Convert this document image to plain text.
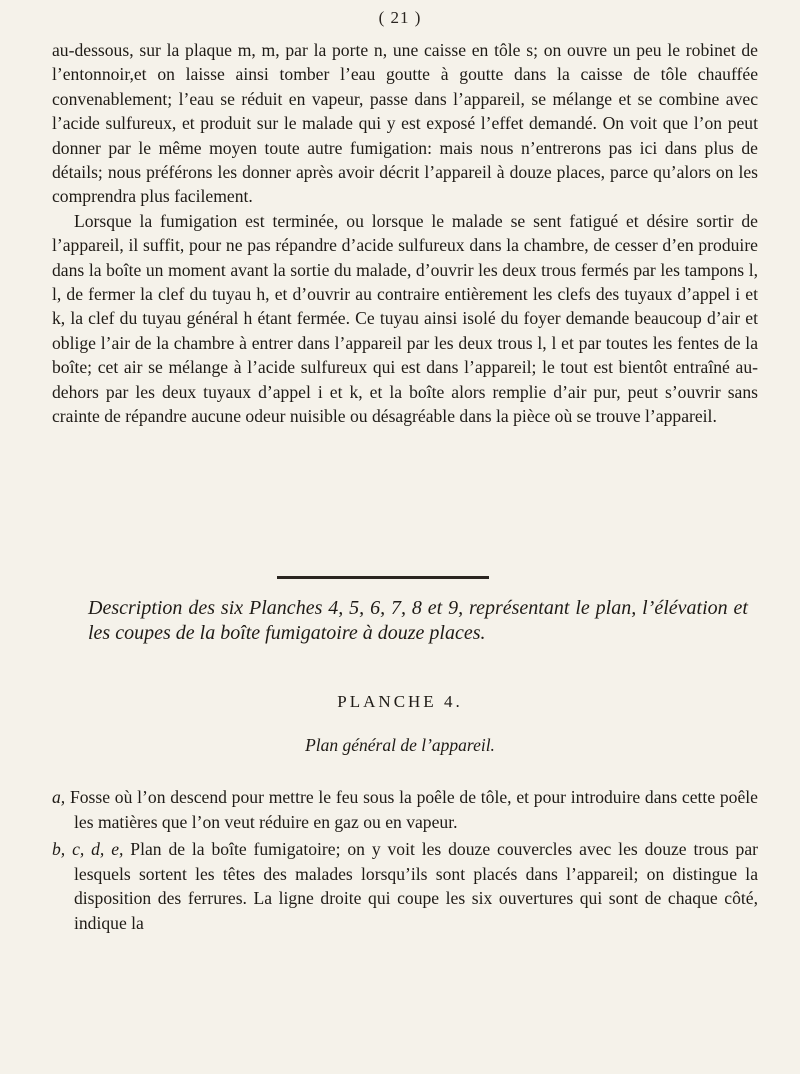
( 21 )

au-dessous, sur la plaque m, m, par la porte n, une caisse en tôle s; on ouvre un peu le robinet de l’entonnoir,et on laisse ainsi tomber l’eau goutte à goutte dans la caisse de tôle chauffée convenablement; l’eau se réduit en vapeur, passe dans l’appareil, se mélange et se combine avec l’acide sulfureux, et produit sur le malade qui y est exposé l’effet demandé. On voit que l’on peut donner par le même moyen toute autre fumigation: mais nous n’entrerons pas ici dans plus de détails; nous préférons les donner après avoir décrit l’appareil à douze places, parce qu’alors on les comprendra plus facilement.

Lorsque la fumigation est terminée, ou lorsque le malade se sent fatigué et désire sortir de l’appareil, il suffit, pour ne pas répandre d’acide sulfureux dans la chambre, de cesser d’en produire dans la boîte un moment avant la sortie du malade, d’ouvrir les deux trous fermés par les tampons l, l, de fermer la clef du tuyau h, et d’ouvrir au contraire entièrement les clefs des tuyaux d’appel i et k, la clef du tuyau général h étant fermée. Ce tuyau ainsi isolé du foyer demande beaucoup d’air et oblige l’air de la chambre à entrer dans l’appareil par les deux trous l, l et par toutes les fentes de la boîte; cet air se mélange à l’acide sulfureux qui est dans l’appareil; le tout est bientôt entraîné au-dehors par les deux tuyaux d’appel i et k, et la boîte alors remplie d’air pur, peut s’ouvrir sans crainte de répandre aucune odeur nuisible ou désagréable dans la pièce où se trouve l’appareil.

Description des six Planches 4, 5, 6, 7, 8 et 9, représentant le plan, l’élévation et les coupes de la boîte fumigatoire à douze places.

PLANCHE 4.
Plan général de l’appareil.

a, Fosse où l’on descend pour mettre le feu sous la poêle de tôle, et pour introduire dans cette poêle les matières que l’on veut réduire en gaz ou en vapeur.

b, c, d, e, Plan de la boîte fumigatoire; on y voit les douze couvercles avec les douze trous par lesquels sortent les têtes des malades lorsqu’ils sont placés dans l’appareil; on distingue la disposition des ferrures. La ligne droite qui coupe les six ouvertures qui sont de chaque côté, indique la
